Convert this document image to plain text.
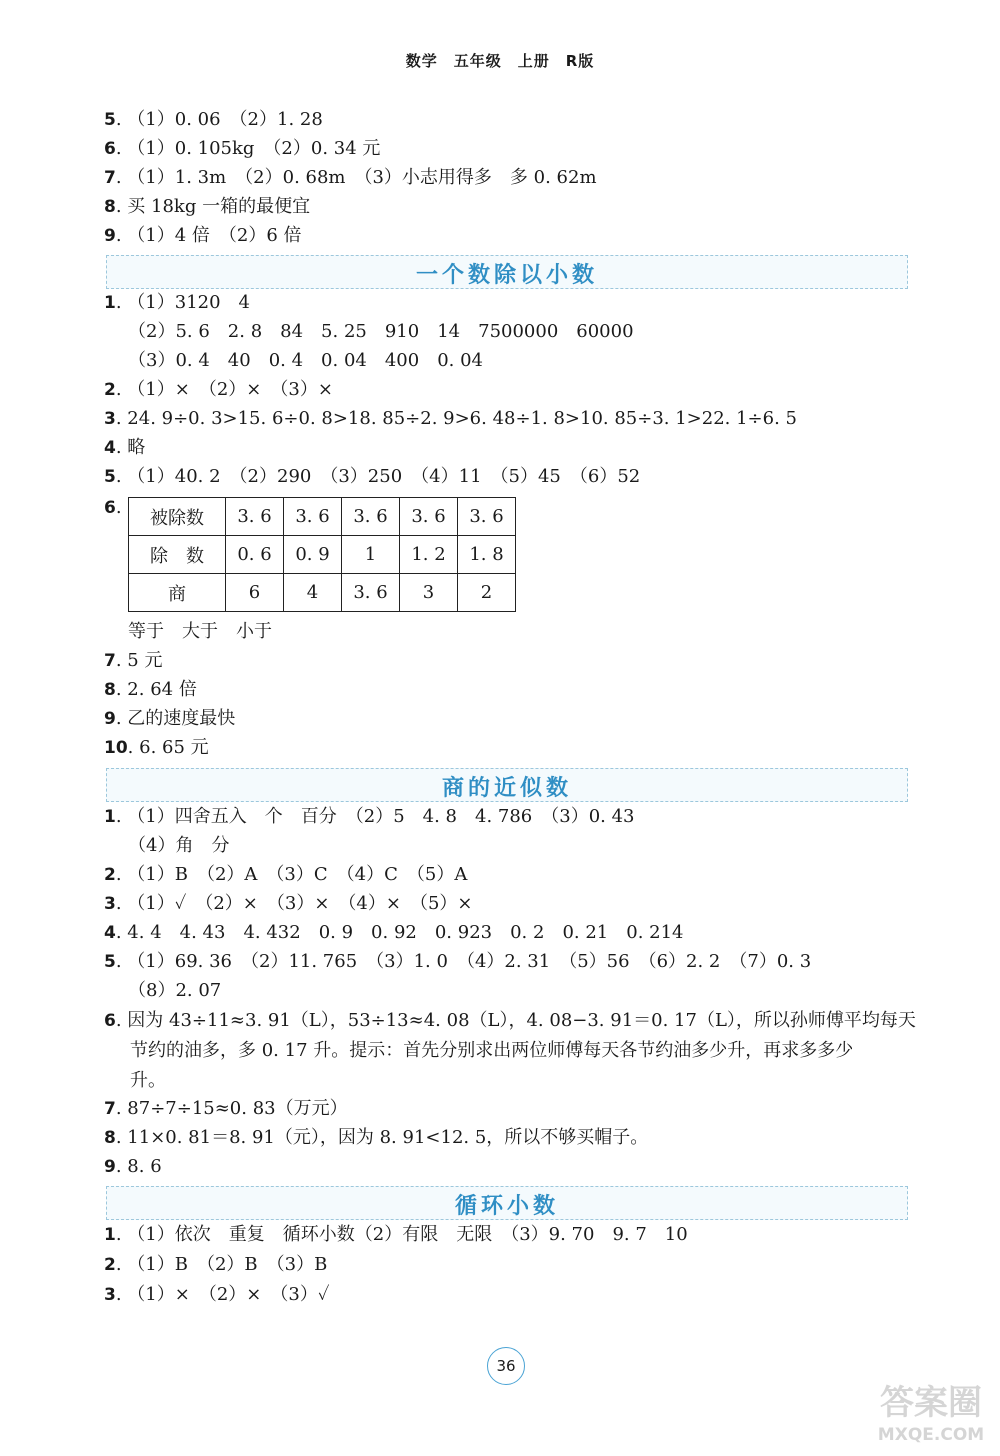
数学　五年级　上册　R版
5. （1）0. 06　（2）1. 28
6. （1）0. 105kg　（2）0. 34 元
7. （1）1. 3m　（2）0. 68m　（3）小志用得多　多 0. 62m
8. 买 18kg 一箱的最便宜
9. （1）4 倍　（2）6 倍
一个数除以小数
1. （1）3120　4
（2）5. 6　2. 8　84　5. 25　910　14　7500000　60000
（3）0. 4　40　0. 4　0. 04　400　0. 04
2. （1）×　（2）×　（3）×
3. 24. 9÷0. 3>15. 6÷0. 8>18. 85÷2. 9>6. 48÷1. 8>10. 85÷3. 1>22. 1÷6. 5
4. 略
5. （1）40. 2　（2）290　（3）250　（4）11　（5）45　（6）52
6. 被除数	3. 6	3. 6	3. 6	3. 6	3. 6
除　数	0. 6	0. 9	1	1. 2	1. 8
商	6	4	3. 6	3	2
等于　大于　小于
7. 5 元
8. 2. 64 倍
9. 乙的速度最快
10. 6. 65 元
商的近似数
1. （1）四舍五入　个　百分　（2）5　4. 8　4. 786　（3）0. 43
（4）角　分
2. （1）B　（2）A　（3）C　（4）C　（5）A
3. （1）✓　（2）×　（3）×　（4）×　（5）×
4. 4. 4　4. 43　4. 432　0. 9　0. 92　0. 923　0. 2　0. 21　0. 214
5. （1）69. 36　（2）11. 765　（3）1. 0　（4）2. 31　（5）56　（6）2. 2　（7）0. 3
（8）2. 07
6. 因为 43÷11≈3. 91（L），53÷13≈4. 08（L），4. 08−3. 91＝0. 17（L），所以孙师傅平均每天
节约的油多，多 0. 17 升。提示：首先分别求出两位师傅每天各节约油多少升，再求多多少
升。
7. 87÷7÷15≈0. 83（万元）
8. 11×0. 81＝8. 91（元），因为 8. 91<12. 5，所以不够买帽子。
9. 8. 6
循环小数
1. （1）依次　重复　循环小数（2）有限　无限　（3）9. 70　9. 7　10
2. （1）B　（2）B　（3）B
3. （1）×　（2）×　（3）✓
36
答案圈
MXQE.COM
